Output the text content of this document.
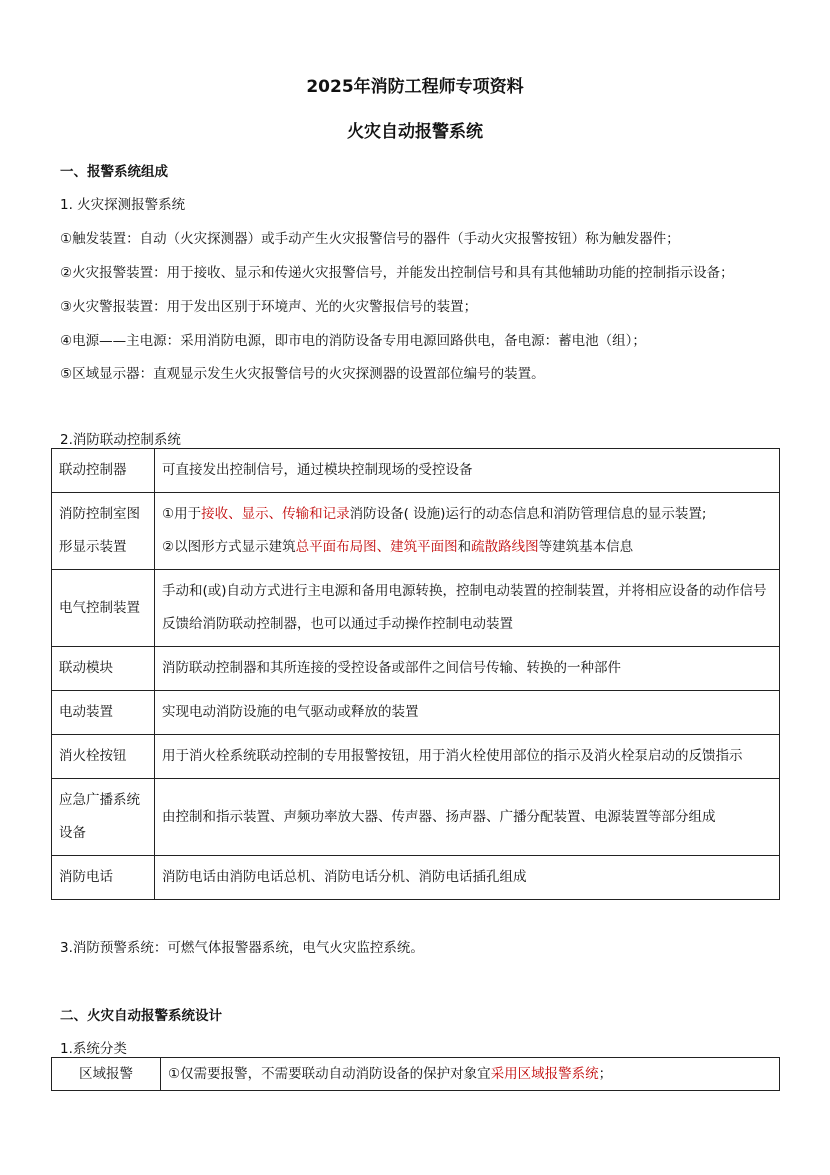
2025年消防工程师专项资料
火灾自动报警系统
一、报警系统组成
1. 火灾探测报警系统
①触发装置：自动（火灾探测器）或手动产生火灾报警信号的器件（手动火灾报警按钮）称为触发器件；
②火灾报警装置：用于接收、显示和传递火灾报警信号，并能发出控制信号和具有其他辅助功能的控制指示设备；
③火灾警报装置：用于发出区别于环境声、光的火灾警报信号的装置；
④电源——主电源：采用消防电源，即市电的消防设备专用电源回路供电，备电源：蓄电池（组）；
⑤区域显示器：直观显示发生火灾报警信号的火灾探测器的设置部位编号的装置。
2.消防联动控制系统
联动控制器	可直接发出控制信号，通过模块控制现场的受控设备
消防控制室图形显示装置	①用于接收、显示、传输和记录消防设备( 设施)运行的动态信息和消防管理信息的显示装置;
②以图形方式显示建筑总平面布局图、建筑平面图和疏散路线图等建筑基本信息

电气控制装置	手动和(或)自动方式进行主电源和备用电源转换，控制电动装置的控制装置，并将相应设备的动作信号反馈给消防联动控制器，也可以通过手动操作控制电动装置
联动模块	消防联动控制器和其所连接的受控设备或部件之间信号传输、转换的一种部件
电动装置	实现电动消防设施的电气驱动或释放的装置
消火栓按钮	用于消火栓系统联动控制的专用报警按钮，用于消火栓使用部位的指示及消火栓泵启动的反馈指示
应急广播系统设备	由控制和指示装置、声频功率放大器、传声器、扬声器、广播分配装置、电源装置等部分组成
消防电话	消防电话由消防电话总机、消防电话分机、消防电话插孔组成
3.消防预警系统：可燃气体报警器系统，电气火灾监控系统。
二、火灾自动报警系统设计
1.系统分类
区域报警	①仅需要报警，不需要联动自动消防设备的保护对象宜采用区域报警系统；
